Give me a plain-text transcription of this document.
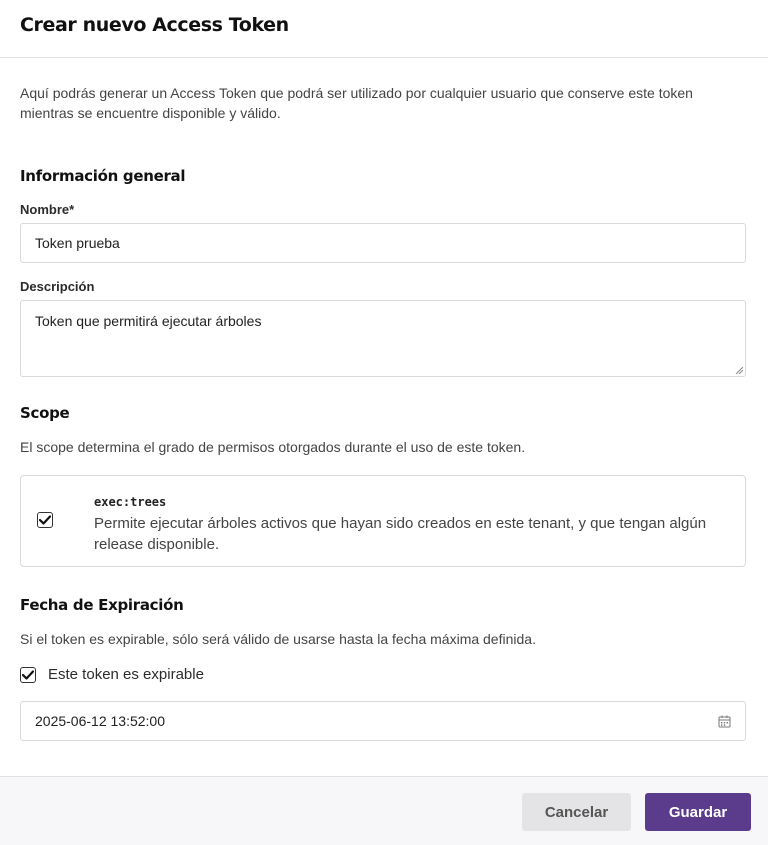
Crear nuevo Access Token

Aquí podrás generar un Access Token que podrá ser utilizado por cualquier usuario que conserve este token mientras se encuentre disponible y válido.

Información general
Nombre*
Token prueba
Descripción
Token que permitirá ejecutar árboles
Scope

El scope determina el grado de permisos otorgados durante el uso de este token.

exec:trees
Permite ejecutar árboles activos que hayan sido creados en este tenant, y que tengan algún release disponible.
Fecha de Expiración

Si el token es expirable, sólo será válido de usarse hasta la fecha máxima definida.

Este token es expirable
2025-06-12 13:52:00
Cancelar	Guardar
